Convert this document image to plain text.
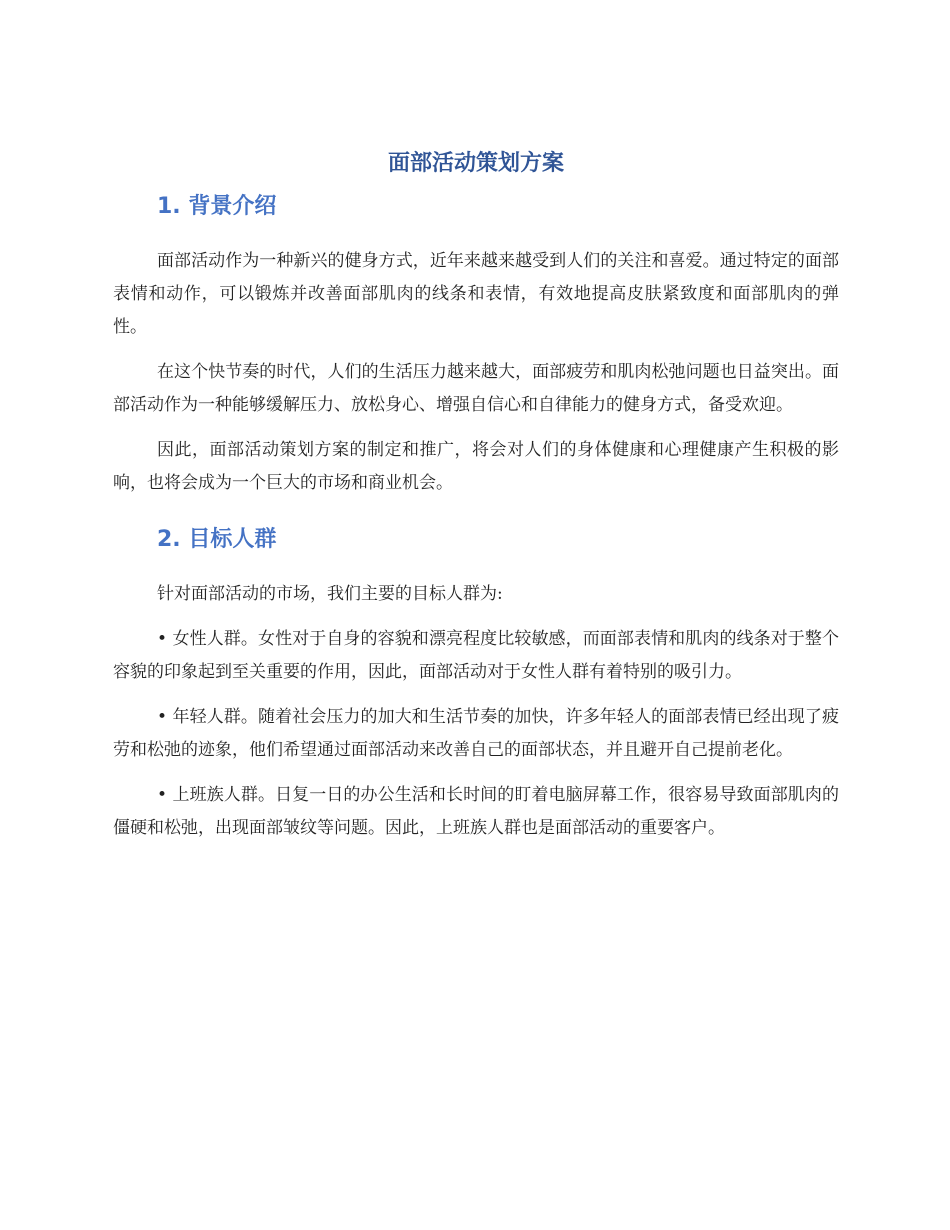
面部活动策划方案
1. 背景介绍

面部活动作为一种新兴的健身方式，近年来越来越受到人们的关注和喜爱。通过特定的面部表情和动作，可以锻炼并改善面部肌肉的线条和表情，有效地提高皮肤紧致度和面部肌肉的弹性。

在这个快节奏的时代，人们的生活压力越来越大，面部疲劳和肌肉松弛问题也日益突出。面部活动作为一种能够缓解压力、放松身心、增强自信心和自律能力的健身方式，备受欢迎。

因此，面部活动策划方案的制定和推广，将会对人们的身体健康和心理健康产生积极的影响，也将会成为一个巨大的市场和商业机会。

2. 目标人群

针对面部活动的市场，我们主要的目标人群为:

• 女性人群。女性对于自身的容貌和漂亮程度比较敏感，而面部表情和肌肉的线条对于整个容貌的印象起到至关重要的作用，因此，面部活动对于女性人群有着特别的吸引力。

• 年轻人群。随着社会压力的加大和生活节奏的加快，许多年轻人的面部表情已经出现了疲劳和松弛的迹象，他们希望通过面部活动来改善自己的面部状态，并且避开自己提前老化。

• 上班族人群。日复一日的办公生活和长时间的盯着电脑屏幕工作，很容易导致面部肌肉的僵硬和松弛，出现面部皱纹等问题。因此，上班族人群也是面部活动的重要客户。
